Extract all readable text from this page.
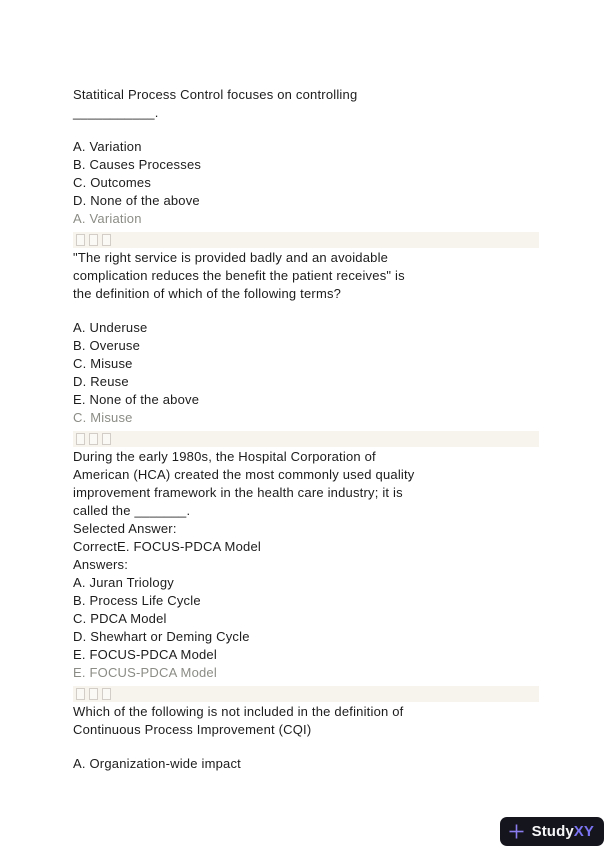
Statitical Process Control focuses on controlling

___________.

A. Variation

B. Causes Processes

C. Outcomes

D. None of the above

A. Variation

"The right service is provided badly and an avoidable

complication reduces the benefit the patient receives" is

the definition of which of the following terms?

A. Underuse

B. Overuse

C. Misuse

D. Reuse

E. None of the above

C. Misuse

During the early 1980s, the Hospital Corporation of

American (HCA) created the most commonly used quality

improvement framework in the health care industry; it is

called the _______.

Selected Answer:

CorrectE. FOCUS-PDCA Model

Answers:

A. Juran Triology

B. Process Life Cycle

C. PDCA Model

D. Shewhart or Deming Cycle

E. FOCUS-PDCA Model

E. FOCUS-PDCA Model

Which of the following is not included in the definition of

Continuous Process Improvement (CQI)

A. Organization-wide impact

StudyXY
